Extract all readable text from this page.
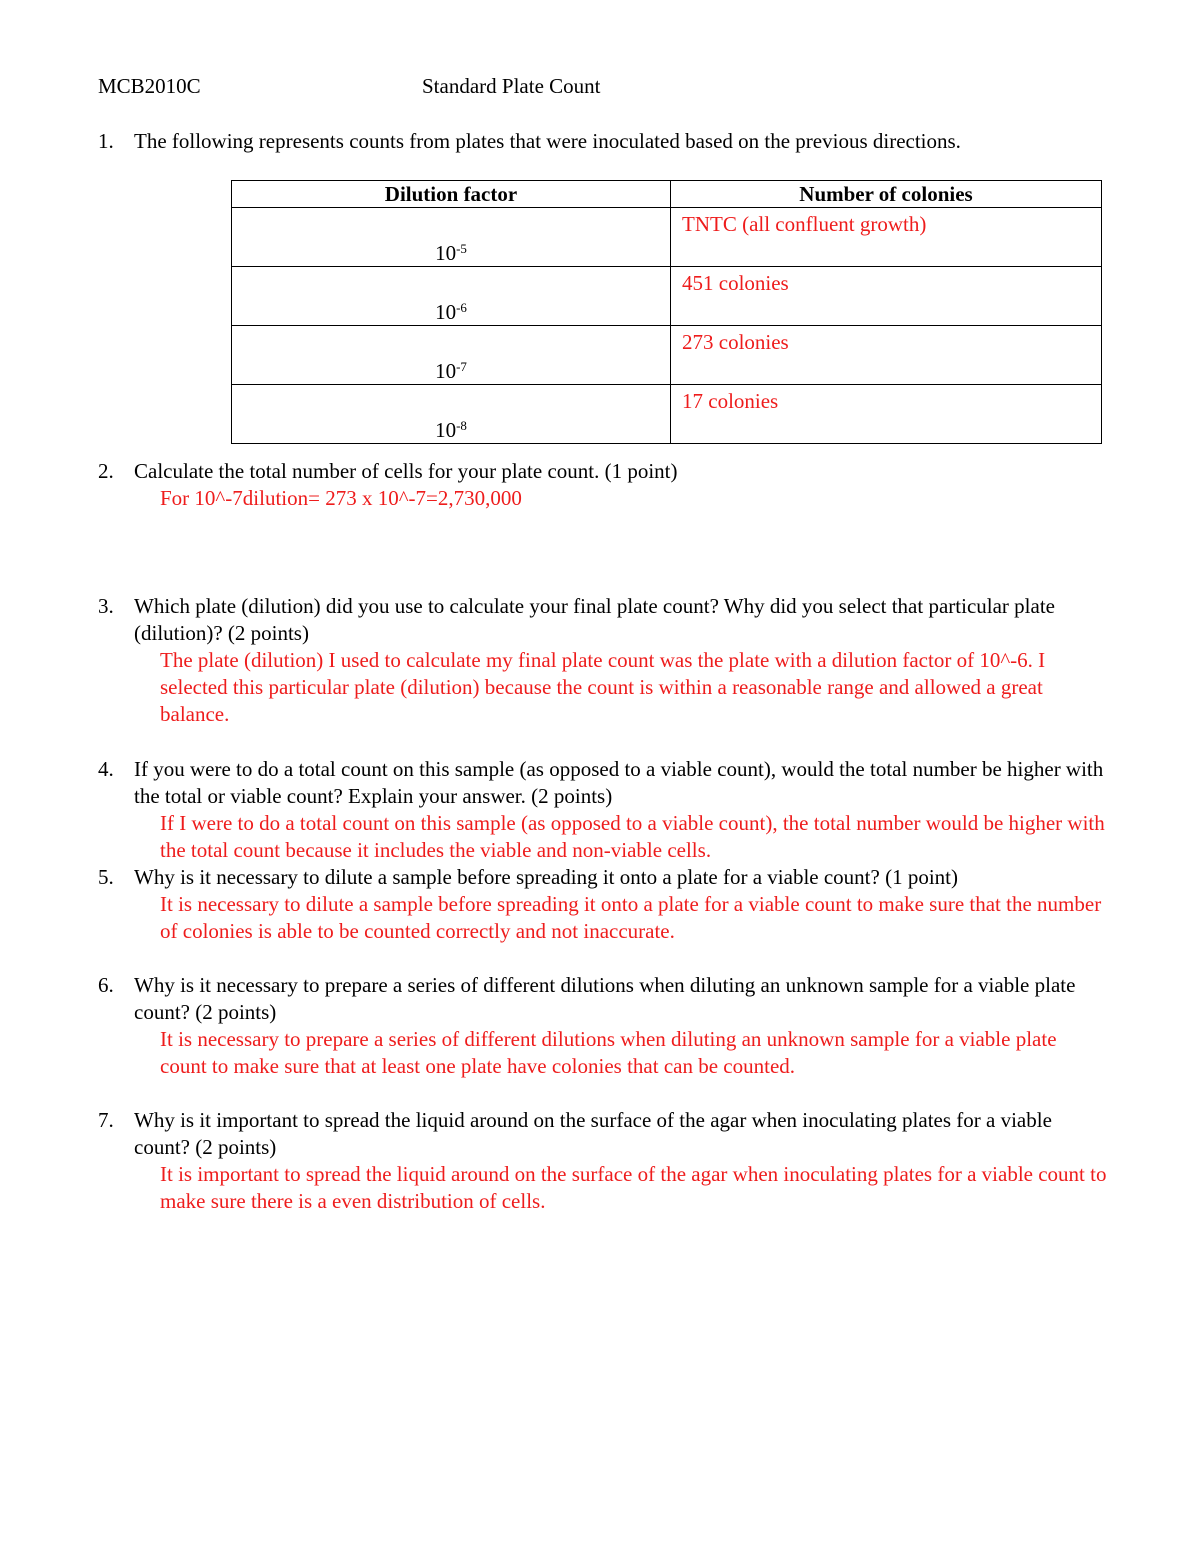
MCB2010C	Standard Plate Count
1. The following represents counts from plates that were inoculated based on the previous directions.
Dilution factor	Number of colonies
$10^{-5}$	TNTC (all confluent growth)
$10^{-6}$	451 colonies
$10^{-7}$	273 colonies
$10^{-8}$	17 colonies
2. Calculate the total number of cells for your plate count. (1 point)
For 10^-7dilution= 273 x 10^-7=2,730,000
3. Which plate (dilution) did you use to calculate your final plate count? Why did you select that particular plate (dilution)? (2 points)
The plate (dilution) I used to calculate my final plate count was the plate with a dilution factor of 10^-6. I selected this particular plate (dilution) because the count is within a reasonable range and allowed a great balance.
4. If you were to do a total count on this sample (as opposed to a viable count), would the total number be higher with the total or viable count? Explain your answer. (2 points)
If I were to do a total count on this sample (as opposed to a viable count), the total number would be higher with the total count because it includes the viable and non-viable cells.
5. Why is it necessary to dilute a sample before spreading it onto a plate for a viable count? (1 point)
It is necessary to dilute a sample before spreading it onto a plate for a viable count to make sure that the number of colonies is able to be counted correctly and not inaccurate.
6. Why is it necessary to prepare a series of different dilutions when diluting an unknown sample for a viable plate count? (2 points)
It is necessary to prepare a series of different dilutions when diluting an unknown sample for a viable plate count to make sure that at least one plate have colonies that can be counted.
7. Why is it important to spread the liquid around on the surface of the agar when inoculating plates for a viable count? (2 points)
It is important to spread the liquid around on the surface of the agar when inoculating plates for a viable count to make sure there is a even distribution of cells.
